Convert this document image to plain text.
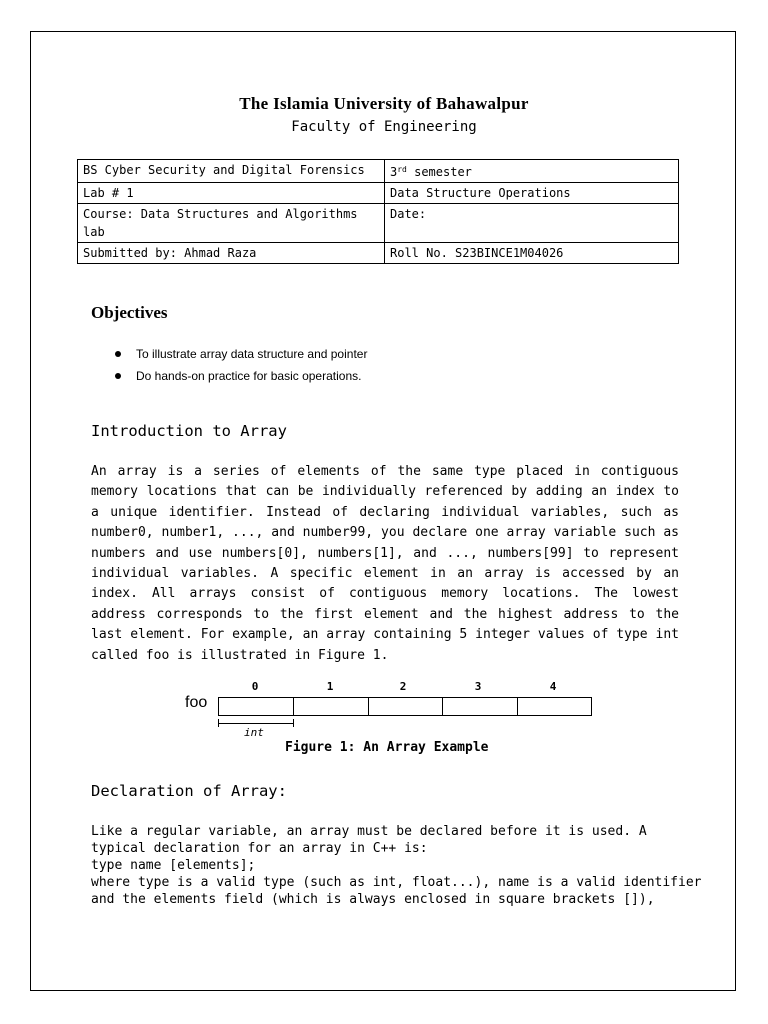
The Islamia University of Bahawalpur
Faculty of Engineering
BS Cyber Security and Digital Forensics	3rd semester
Lab # 1	Data Structure Operations
Course: Data Structures and Algorithms lab	Date:
Submitted by: Ahmad Raza	Roll No. S23BINCE1M04026
Objectives
To illustrate array data structure and pointer
Do hands-on practice for basic operations.
Introduction to Array
An array is a series of elements of the same type placed in contiguous memory locations that can be individually referenced by adding an index to a unique identifier. Instead of declaring individual variables, such as number0, number1, ..., and number99, you declare one array variable such as numbers and use numbers[0], numbers[1], and ..., numbers[99] to represent individual variables. A specific element in an array is accessed by an index. All arrays consist of contiguous memory locations. The lowest address corresponds to the first element and the highest address to the last element. For example, an array containing 5 integer values of type int called foo is illustrated in Figure 1.
foo
0	1	2	3	4
int
Figure 1: An Array Example
Declaration of Array:
Like a regular variable, an array must be declared before it is used. A
typical declaration for an array in C++ is:
type name [elements];
where type is a valid type (such as int, float...), name is a valid identifier
and the elements field (which is always enclosed in square brackets []),
